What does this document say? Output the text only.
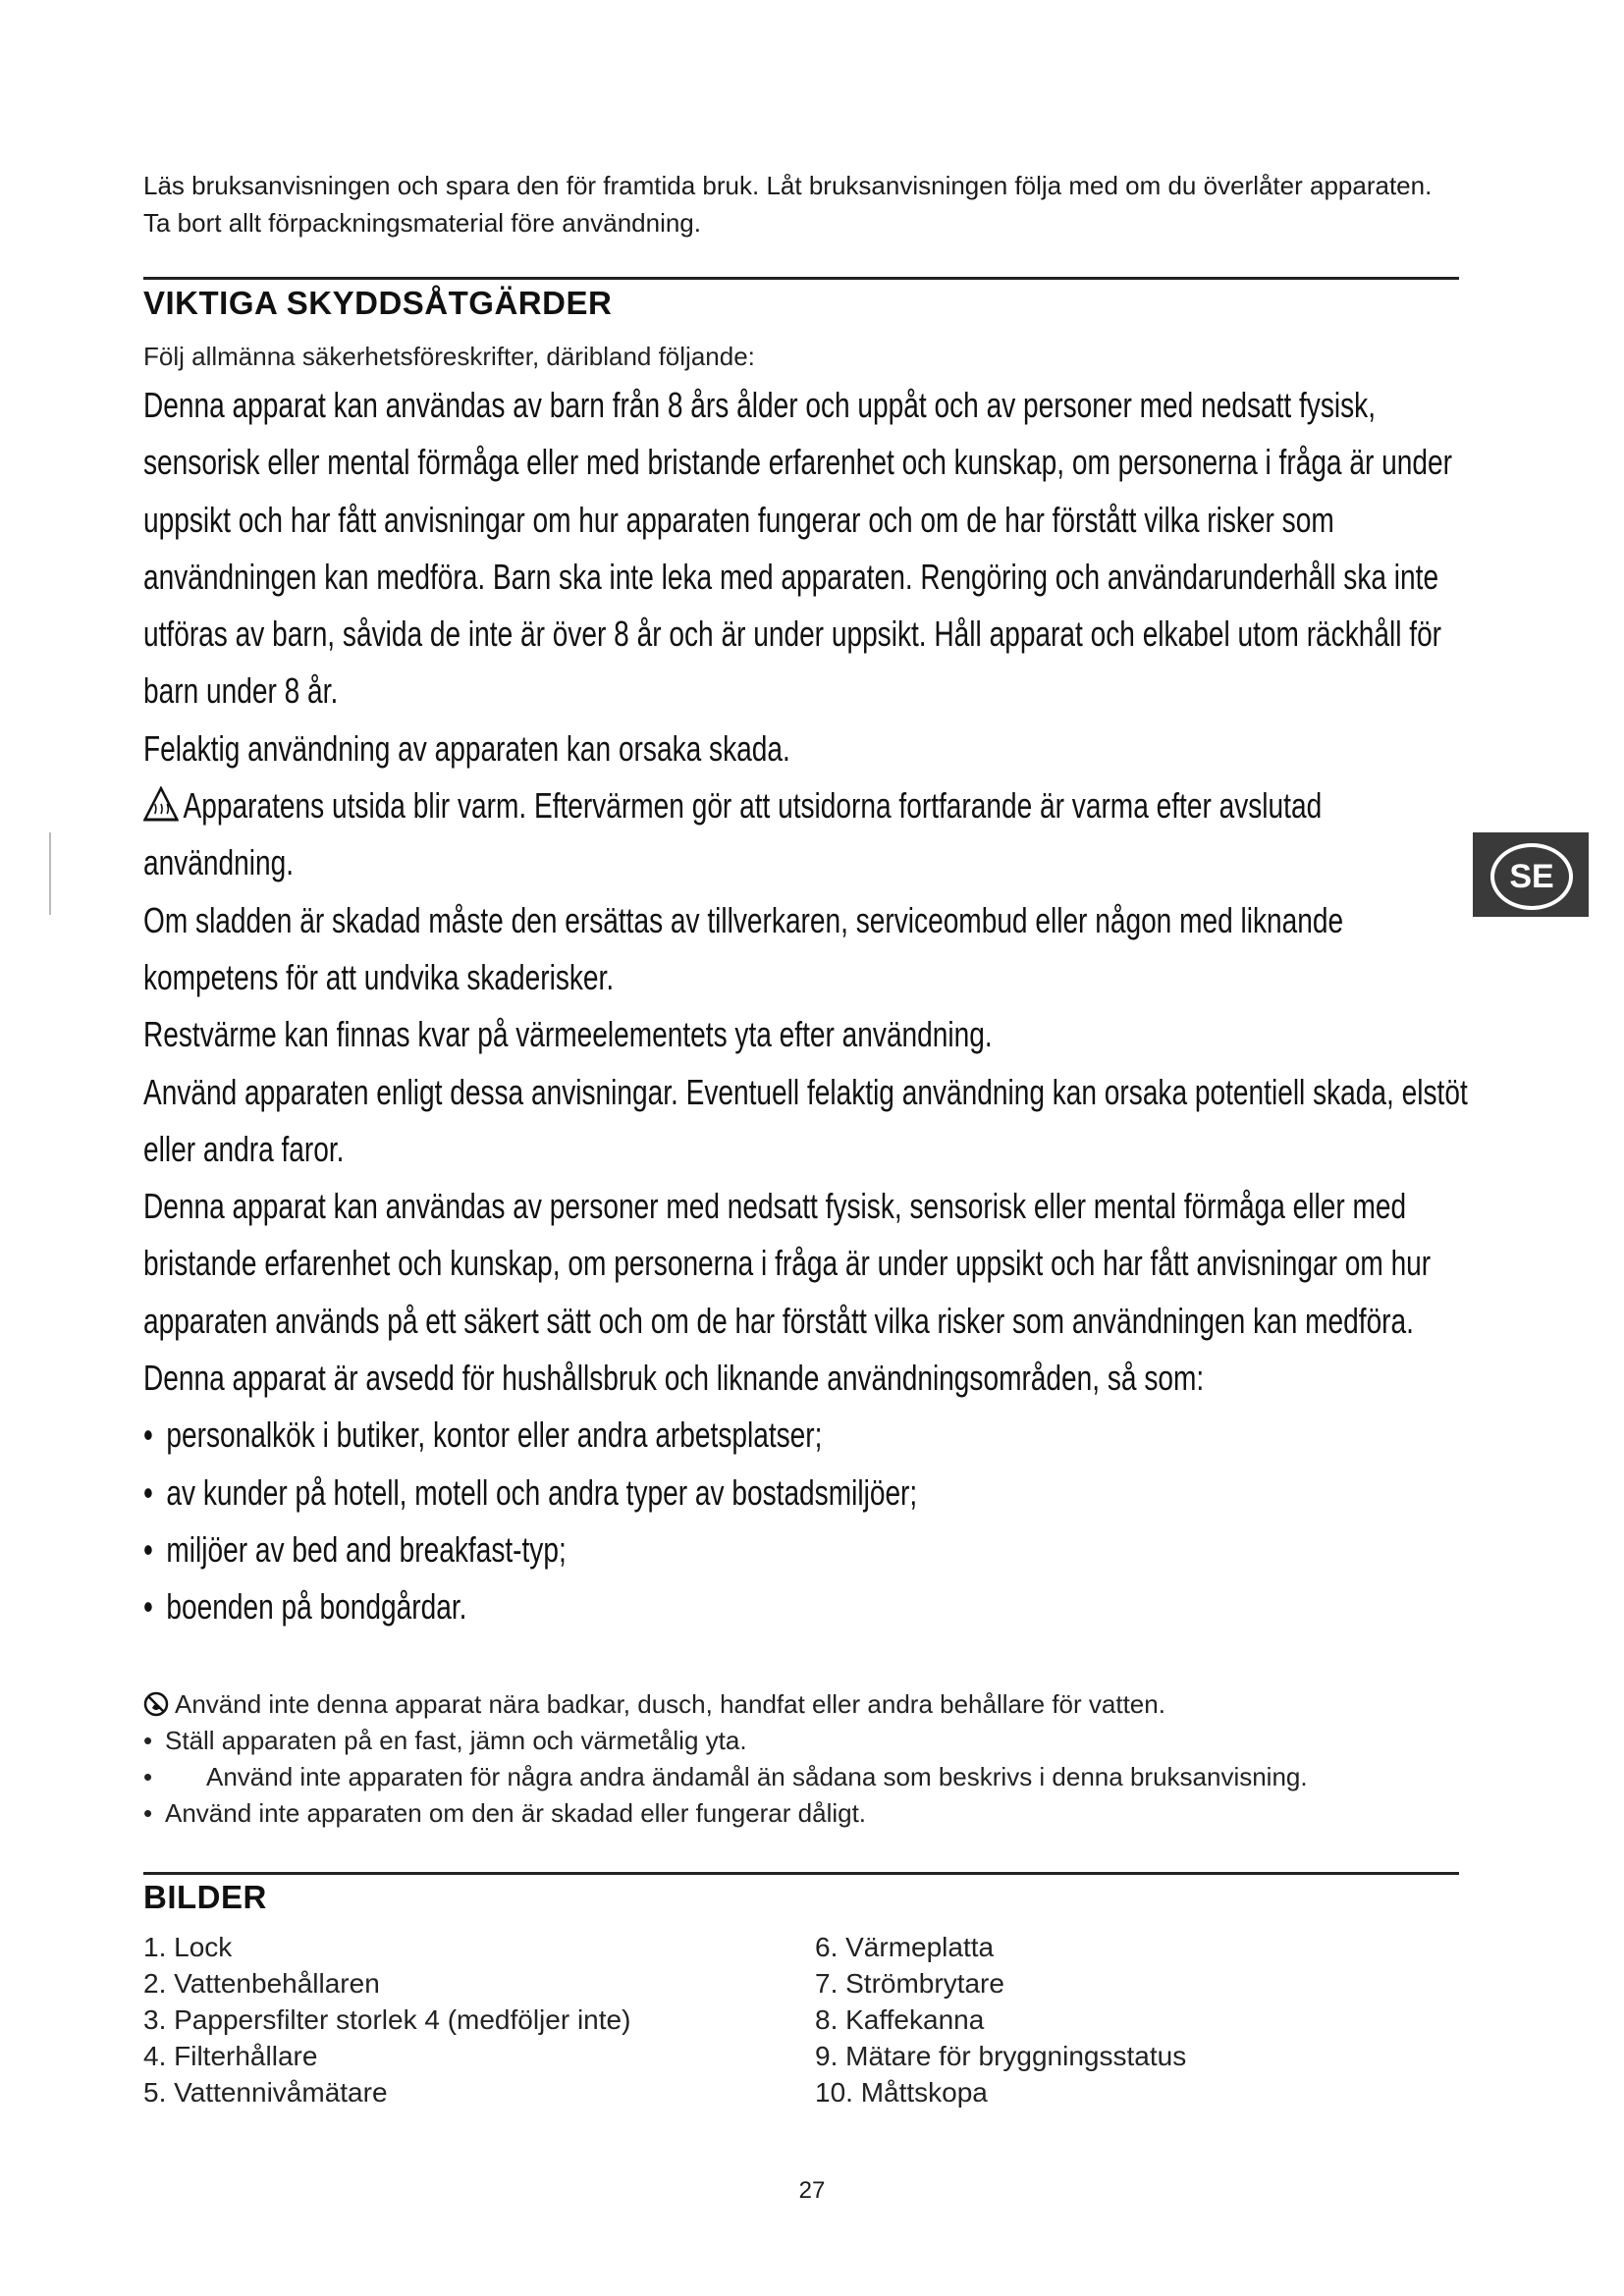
Läs bruksanvisningen och spara den för framtida bruk. Låt bruksanvisningen följa med om du överlåter apparaten. Ta bort allt förpackningsmaterial före användning.
VIKTIGA SKYDDSÅTGÄRDER
Följ allmänna säkerhetsföreskrifter, däribland följande:

Denna apparat kan användas av barn från 8 års ålder och uppåt och av personer med nedsatt fysisk, sensorisk eller mental förmåga eller med bristande erfarenhet och kunskap, om personerna i fråga är under uppsikt och har fått anvisningar om hur apparaten fungerar och om de har förstått vilka risker som användningen kan medföra. Barn ska inte leka med apparaten. Rengöring och användarunderhåll ska inte utföras av barn, såvida de inte är över 8 år och är under uppsikt. Håll apparat och elkabel utom räckhåll för barn under 8 år.

Felaktig användning av apparaten kan orsaka skada.

Apparatens utsida blir varm. Eftervärmen gör att utsidorna fortfarande är varma efter avslutad användning.

Om sladden är skadad måste den ersättas av tillverkaren, serviceombud eller någon med liknande kompetens för att undvika skaderisker.

Restvärme kan finnas kvar på värmeelementets yta efter användning.

Använd apparaten enligt dessa anvisningar. Eventuell felaktig användning kan orsaka potentiell skada, elstöt eller andra faror.

Denna apparat kan användas av personer med nedsatt fysisk, sensorisk eller mental förmåga eller med bristande erfarenhet och kunskap, om personerna i fråga är under uppsikt och har fått anvisningar om hur apparaten används på ett säkert sätt och om de har förstått vilka risker som användningen kan medföra.

Denna apparat är avsedd för hushållsbruk och liknande användningsområden, så som:

• personalkök i butiker, kontor eller andra arbetsplatser;

• av kunder på hotell, motell och andra typer av bostadsmiljöer;

• miljöer av bed and breakfast-typ;

• boenden på bondgårdar.

Använd inte denna apparat nära badkar, dusch, handfat eller andra behållare för vatten.

• Ställ apparaten på en fast, jämn och värmetålig yta.

• Använd inte apparaten för några andra ändamål än sådana som beskrivs i denna bruksanvisning.

• Använd inte apparaten om den är skadad eller fungerar dåligt.

BILDER
1. Lock
2. Vattenbehållaren
3. Pappersfilter storlek 4 (medföljer inte)
4. Filterhållare
5. Vattennivåmätare
6. Värmeplatta
7. Strömbrytare
8. Kaffekanna
9. Mätare för bryggningsstatus
10. Måttskopa
SE
27
